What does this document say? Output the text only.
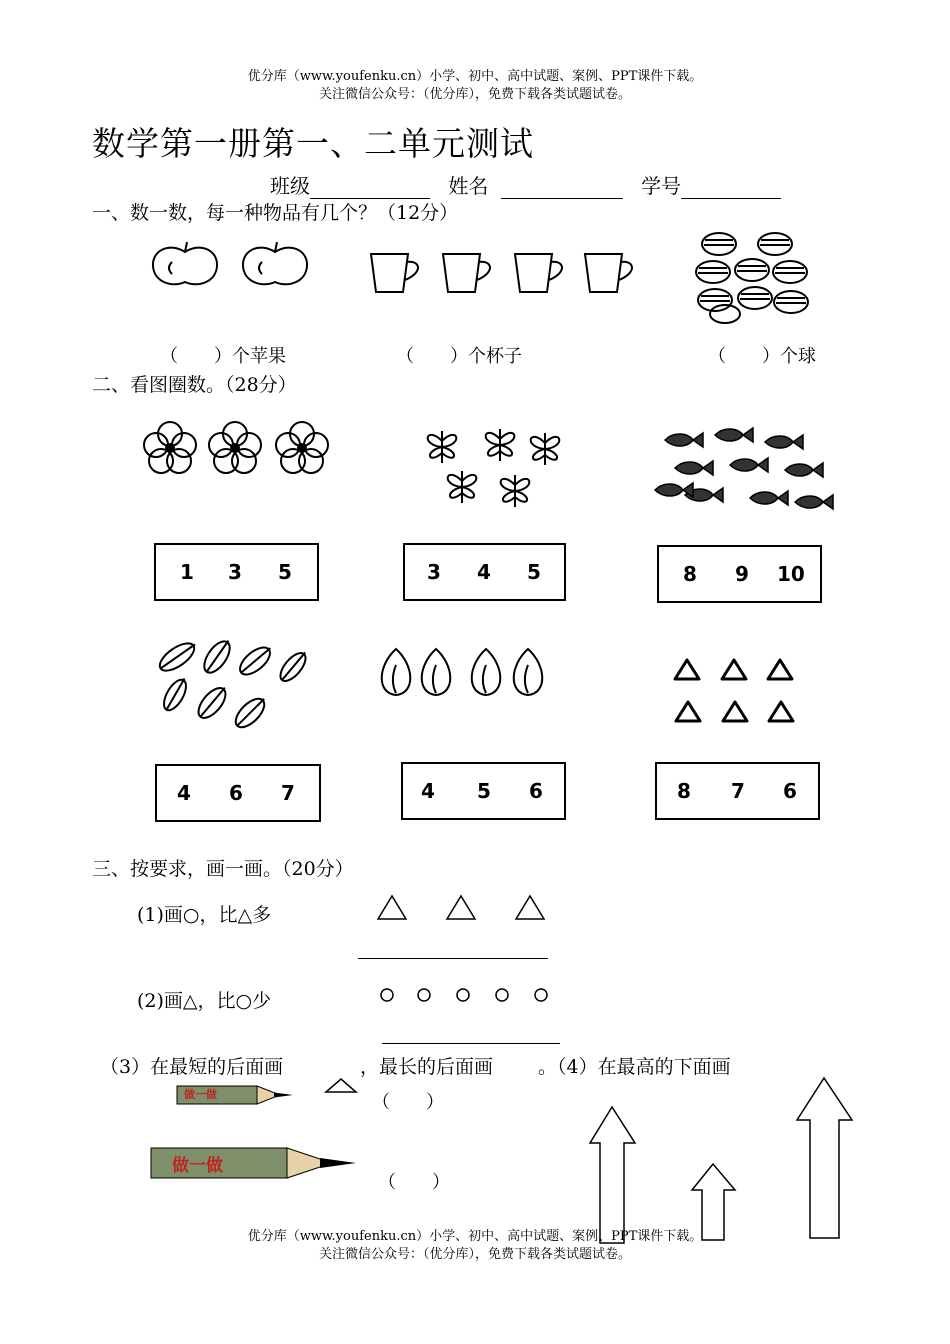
优分库（www.youfenku.cn）小学、初中、高中试题、案例、PPT课件下载。
关注微信公众号：（优分库），免费下载各类试题试卷。
数学第一册第一、二单元测试
班级	姓名	学号
一、数一数，每一种物品有几个？（12分）
（　　）个苹果	（　　）个杯子	（　　）个球
二、看图圈数。（28分）
1 3 5	3 4 5	8 9 10
4 6 7	4 5 6	8 7 6
三、按要求，画一画。（20分）
(1)画○，比△多
(2)画△，比○少
（3）在最短的后面画	，最长的后面画 。（4）在最高的下面画
做一做	（　　）
做一做
（　　）
优分库（www.youfenku.cn）小学、初中、高中试题、案例、PPT课件下载。
关注微信公众号：（优分库），免费下载各类试题试卷。
